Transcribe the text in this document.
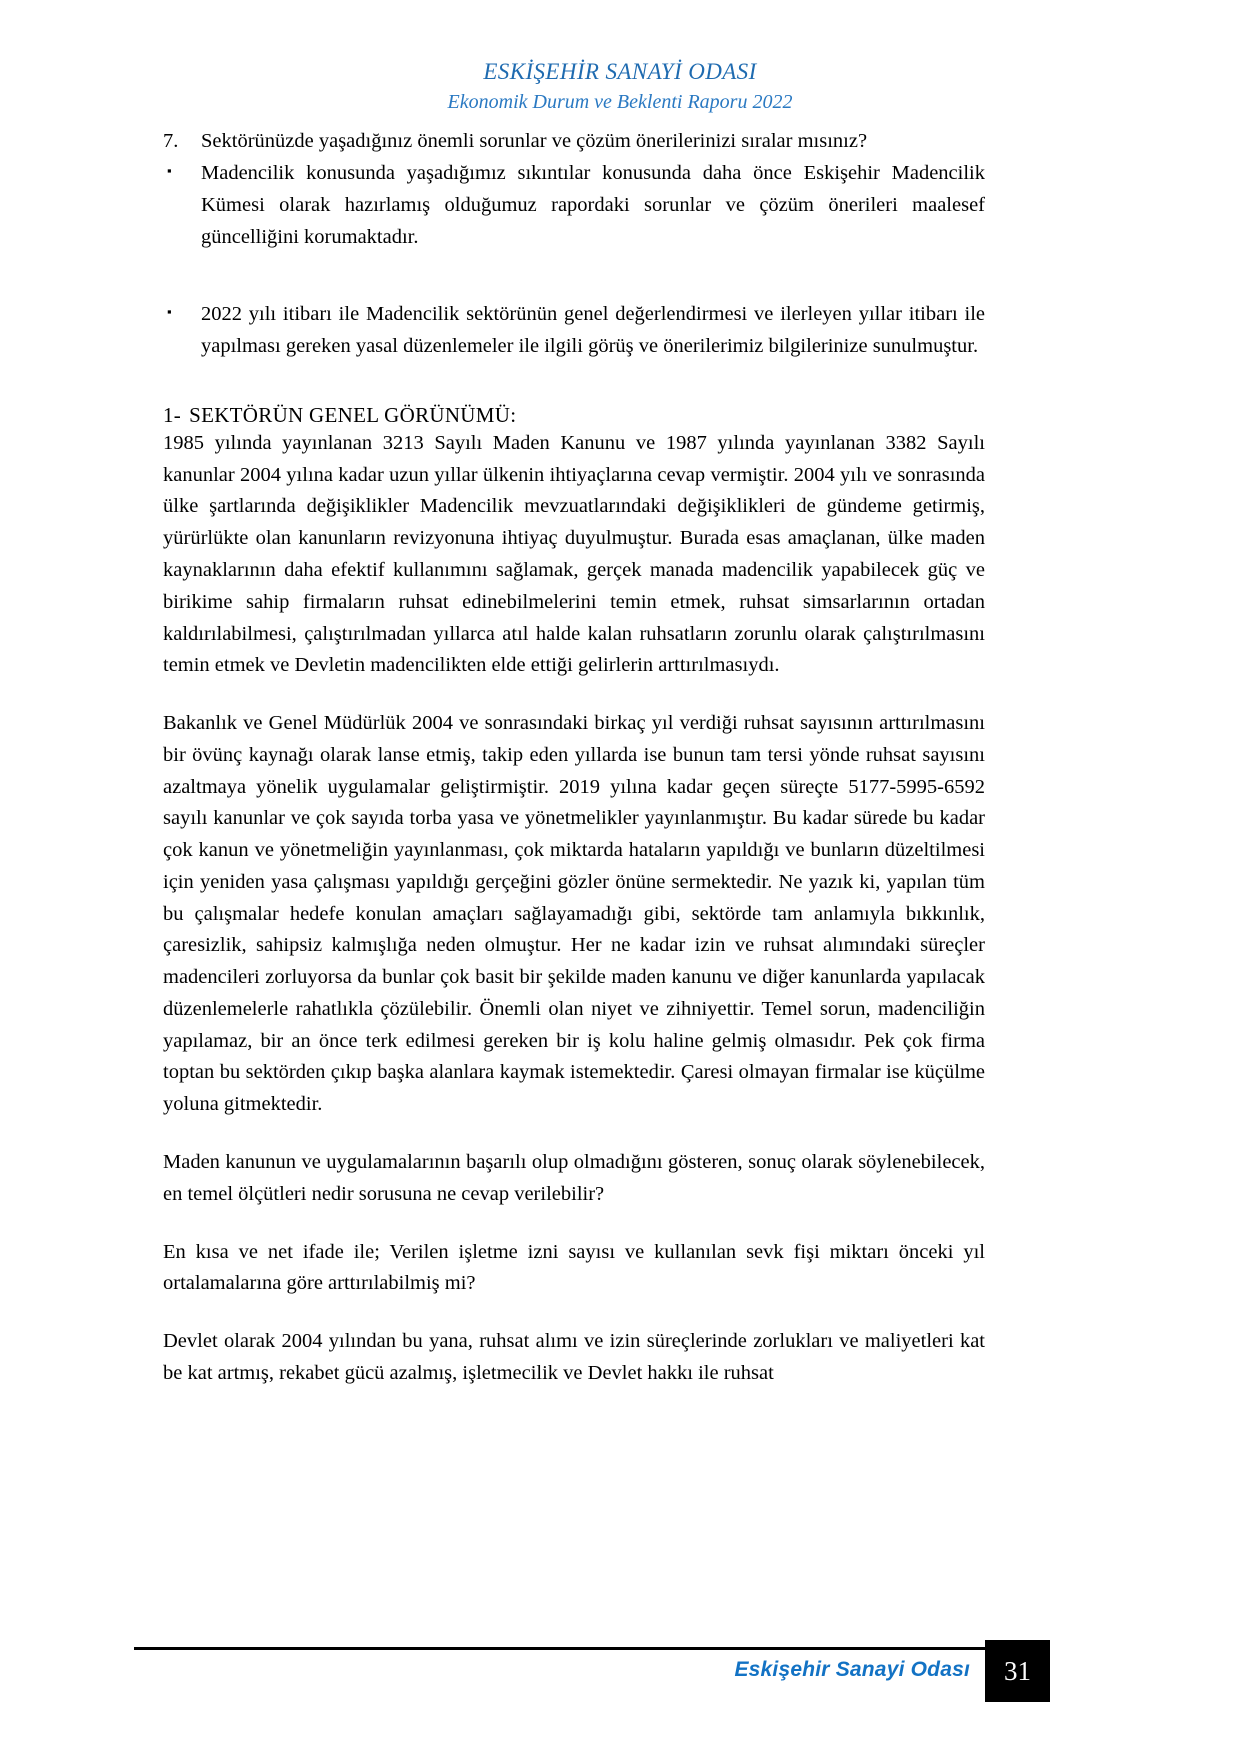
ESKİŞEHİR SANAYİ ODASI
Ekonomik Durum ve Beklenti Raporu 2022
7.	Sektörünüzde yaşadığınız önemli sorunlar ve çözüm önerilerinizi sıralar mısınız?
▪	Madencilik konusunda yaşadığımız sıkıntılar konusunda daha önce Eskişehir Madencilik Kümesi olarak hazırlamış olduğumuz rapordaki sorunlar ve çözüm önerileri maalesef güncelliğini korumaktadır.
▪	2022 yılı itibarı ile Madencilik sektörünün genel değerlendirmesi ve ilerleyen yıllar itibarı ile yapılması gereken yasal düzenlemeler ile ilgili görüş ve önerilerimiz bilgilerinize sunulmuştur.
1- SEKTÖRÜN GENEL GÖRÜNÜMÜ:

1985 yılında yayınlanan 3213 Sayılı Maden Kanunu ve 1987 yılında yayınlanan 3382 Sayılı kanunlar 2004 yılına kadar uzun yıllar ülkenin ihtiyaçlarına cevap vermiştir. 2004 yılı ve sonrasında ülke şartlarında değişiklikler Madencilik mevzuatlarındaki değişiklikleri de gündeme getirmiş, yürürlükte olan kanunların revizyonuna ihtiyaç duyulmuştur. Burada esas amaçlanan, ülke maden kaynaklarının daha efektif kullanımını sağlamak, gerçek manada madencilik yapabilecek güç ve birikime sahip firmaların ruhsat edinebilmelerini temin etmek, ruhsat simsarlarının ortadan kaldırılabilmesi, çalıştırılmadan yıllarca atıl halde kalan ruhsatların zorunlu olarak çalıştırılmasını temin etmek ve Devletin madencilikten elde ettiği gelirlerin arttırılmasıydı.

Bakanlık ve Genel Müdürlük 2004 ve sonrasındaki birkaç yıl verdiği ruhsat sayısının arttırılmasını bir övünç kaynağı olarak lanse etmiş, takip eden yıllarda ise bunun tam tersi yönde ruhsat sayısını azaltmaya yönelik uygulamalar geliştirmiştir. 2019 yılına kadar geçen süreçte 5177-5995-6592 sayılı kanunlar ve çok sayıda torba yasa ve yönetmelikler yayınlanmıştır. Bu kadar sürede bu kadar çok kanun ve yönetmeliğin yayınlanması, çok miktarda hataların yapıldığı ve bunların düzeltilmesi için yeniden yasa çalışması yapıldığı gerçeğini gözler önüne sermektedir. Ne yazık ki, yapılan tüm bu çalışmalar hedefe konulan amaçları sağlayamadığı gibi, sektörde tam anlamıyla bıkkınlık, çaresizlik, sahipsiz kalmışlığa neden olmuştur. Her ne kadar izin ve ruhsat alımındaki süreçler madencileri zorluyorsa da bunlar çok basit bir şekilde maden kanunu ve diğer kanunlarda yapılacak düzenlemelerle rahatlıkla çözülebilir. Önemli olan niyet ve zihniyettir. Temel sorun, madenciliğin yapılamaz, bir an önce terk edilmesi gereken bir iş kolu haline gelmiş olmasıdır. Pek çok firma toptan bu sektörden çıkıp başka alanlara kaymak istemektedir. Çaresi olmayan firmalar ise küçülme yoluna gitmektedir.

Maden kanunun ve uygulamalarının başarılı olup olmadığını gösteren, sonuç olarak söylenebilecek, en temel ölçütleri nedir sorusuna ne cevap verilebilir?

En kısa ve net ifade ile; Verilen işletme izni sayısı ve kullanılan sevk fişi miktarı önceki yıl ortalamalarına göre arttırılabilmiş mi?

Devlet olarak 2004 yılından bu yana, ruhsat alımı ve izin süreçlerinde zorlukları ve maliyetleri kat be kat artmış, rekabet gücü azalmış, işletmecilik ve Devlet hakkı ile ruhsat

Eskişehir Sanayi Odası 31
